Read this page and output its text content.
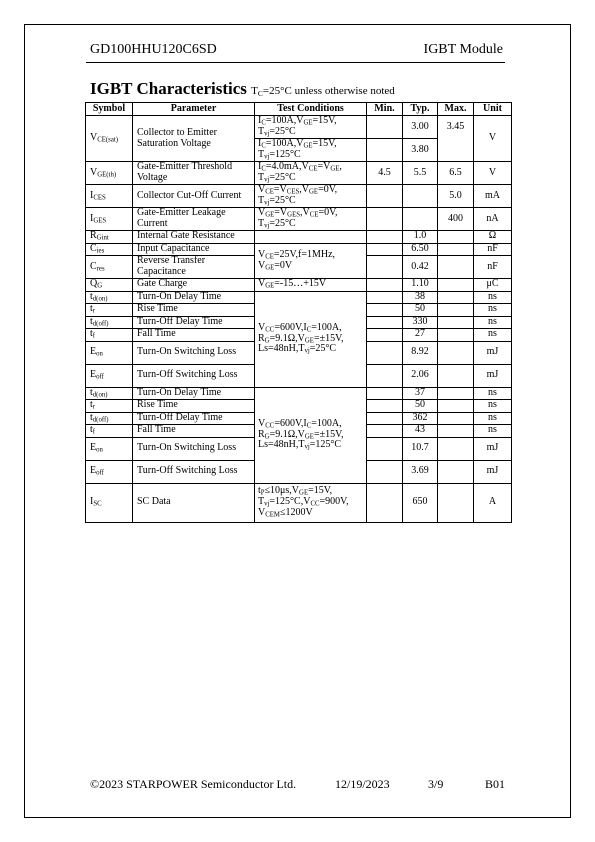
GD100HHU120C6SD	IGBT Module
IGBT Characteristics $T_C=25^\circ C$ unless otherwise noted
Symbol	Parameter	Test Conditions	Min.	Typ.	Max.	Unit
$V_{CE(sat)}$	Collector to Emitter Saturation Voltage	$I_C=100A,V_{GE}=15V$, $T_{vj}=25^\circ C$		3.00	3.45	V
		$I_C=100A,V_{GE}=15V$, $T_{vj}=125^\circ C$		3.80		
$V_{GE(th)}$	Gate-Emitter Threshold Voltage	$I_C=4.0mA,V_{CE}=V_{GE}$, $T_{vj}=25^\circ C$	4.5	5.5	6.5	V
$I_{CES}$	Collector Cut-Off Current	$V_{CE}=V_{CES},V_{GE}=0V$, $T_{vj}=25^\circ C$			5.0	mA
$I_{GES}$	Gate-Emitter Leakage Current	$V_{GE}=V_{GES},V_{CE}=0V$, $T_{vj}=25^\circ C$			400	nA
$R_{Gint}$	Internal Gate Resistance			1.0		Ω
$C_{ies}$	Input Capacitance	$V_{CE}=25V,f=1MHz$, $V_{GE}=0V$		6.50		nF
$C_{res}$	Reverse Transfer Capacitance			0.42		nF
$Q_G$	Gate Charge	$V_{GE}=-15\dots+15V$		1.10		μC
$t_{d(on)}$	Turn-On Delay Time	$V_{CC}=600V,I_C=100A$, $R_G=9.1\Omega,V_{GE}=\pm 15V$, $Ls=48nH,T_{vj}=25^\circ C$		38		ns
$t_r$	Rise Time			50		ns
$t_{d(off)}$	Turn-Off Delay Time			330		ns
$t_f$	Fall Time			27		ns
$E_{on}$	Turn-On Switching Loss			8.92		mJ
$E_{off}$	Turn-Off Switching Loss			2.06		mJ
$t_{d(on)}$	Turn-On Delay Time	$V_{CC}=600V,I_C=100A$, $R_G=9.1\Omega,V_{GE}=\pm 15V$, $Ls=48nH,T_{vj}=125^\circ C$		37		ns
$t_r$	Rise Time			50		ns
$t_{d(off)}$	Turn-Off Delay Time			362		ns
$t_f$	Fall Time			43		ns
$E_{on}$	Turn-On Switching Loss			10.7		mJ
$E_{off}$	Turn-Off Switching Loss			3.69		mJ
$I_{SC}$	SC Data	$t_P\le 10\mu s,V_{GE}=15V$, $T_{vj}=125^\circ C,V_{CC}=900V$, $V_{CEM}\le 1200V$		650		A
©2023 STARPOWER Semiconductor Ltd.	12/19/2023	3/9	B01
